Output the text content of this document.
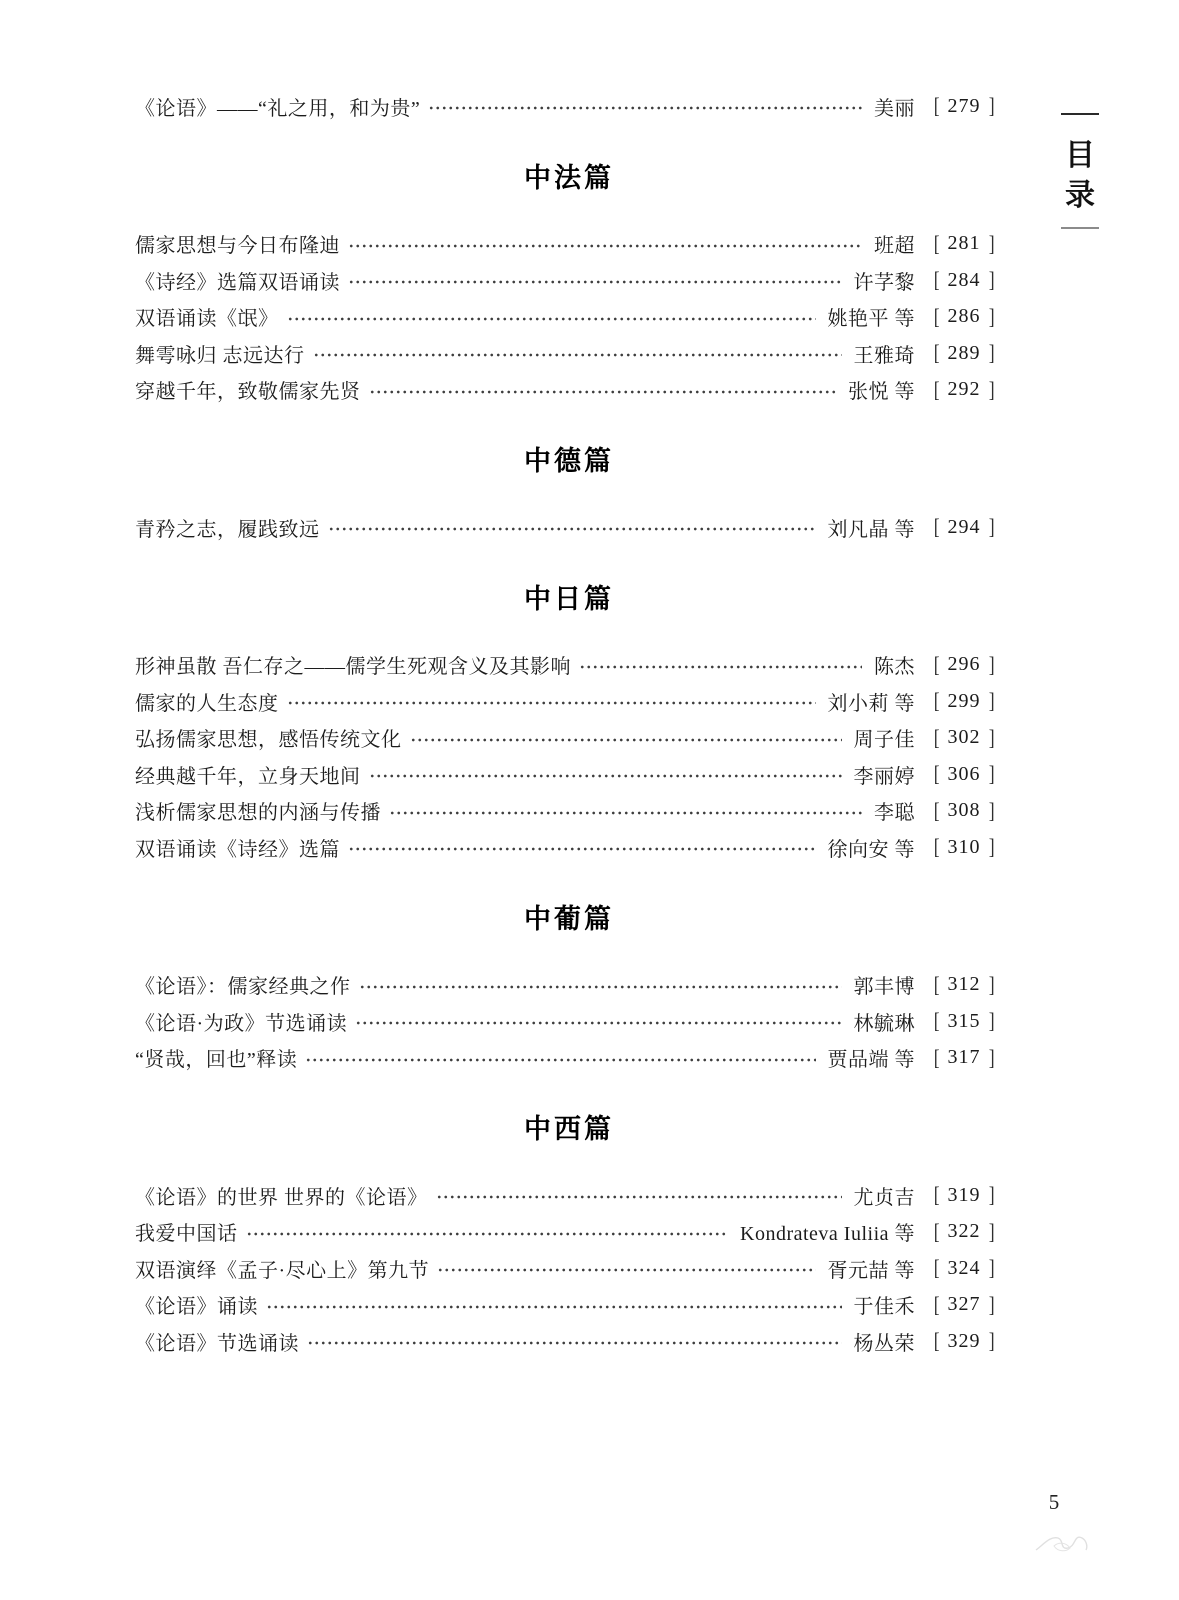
《论语》——“礼之用，和为贵”	美丽 [ 279 ]
中法篇
儒家思想与今日布隆迪	班超 [ 281 ]
《诗经》选篇双语诵读	许芓黎 [ 284 ]
双语诵读《氓》	姚艳平 等 [ 286 ]
舞雩咏归 志远达行	王雅琦 [ 289 ]
穿越千年，致敬儒家先贤	张悦 等 [ 292 ]
中德篇
青矜之志，履践致远	刘凡晶 等 [ 294 ]
中日篇
形神虽散 吾仁存之——儒学生死观含义及其影响	陈杰 [ 296 ]
儒家的人生态度	刘小莉 等 [ 299 ]
弘扬儒家思想，感悟传统文化	周子佳 [ 302 ]
经典越千年，立身天地间	李丽婷 [ 306 ]
浅析儒家思想的内涵与传播	李聪 [ 308 ]
双语诵读《诗经》选篇	徐向安 等 [ 310 ]
中葡篇
《论语》：儒家经典之作	郭丰博 [ 312 ]
《论语·为政》节选诵读	林毓琳 [ 315 ]
“贤哉，回也”释读	贾品端 等 [ 317 ]
中西篇
《论语》的世界 世界的《论语》	尤贞吉 [ 319 ]
我爱中国话	Kondrateva Iuliia 等 [ 322 ]
双语演绎《孟子·尽心上》第九节	胥元喆 等 [ 324 ]
《论语》诵读	于佳禾 [ 327 ]
《论语》节选诵读	杨丛荣 [ 329 ]
目
录
5
